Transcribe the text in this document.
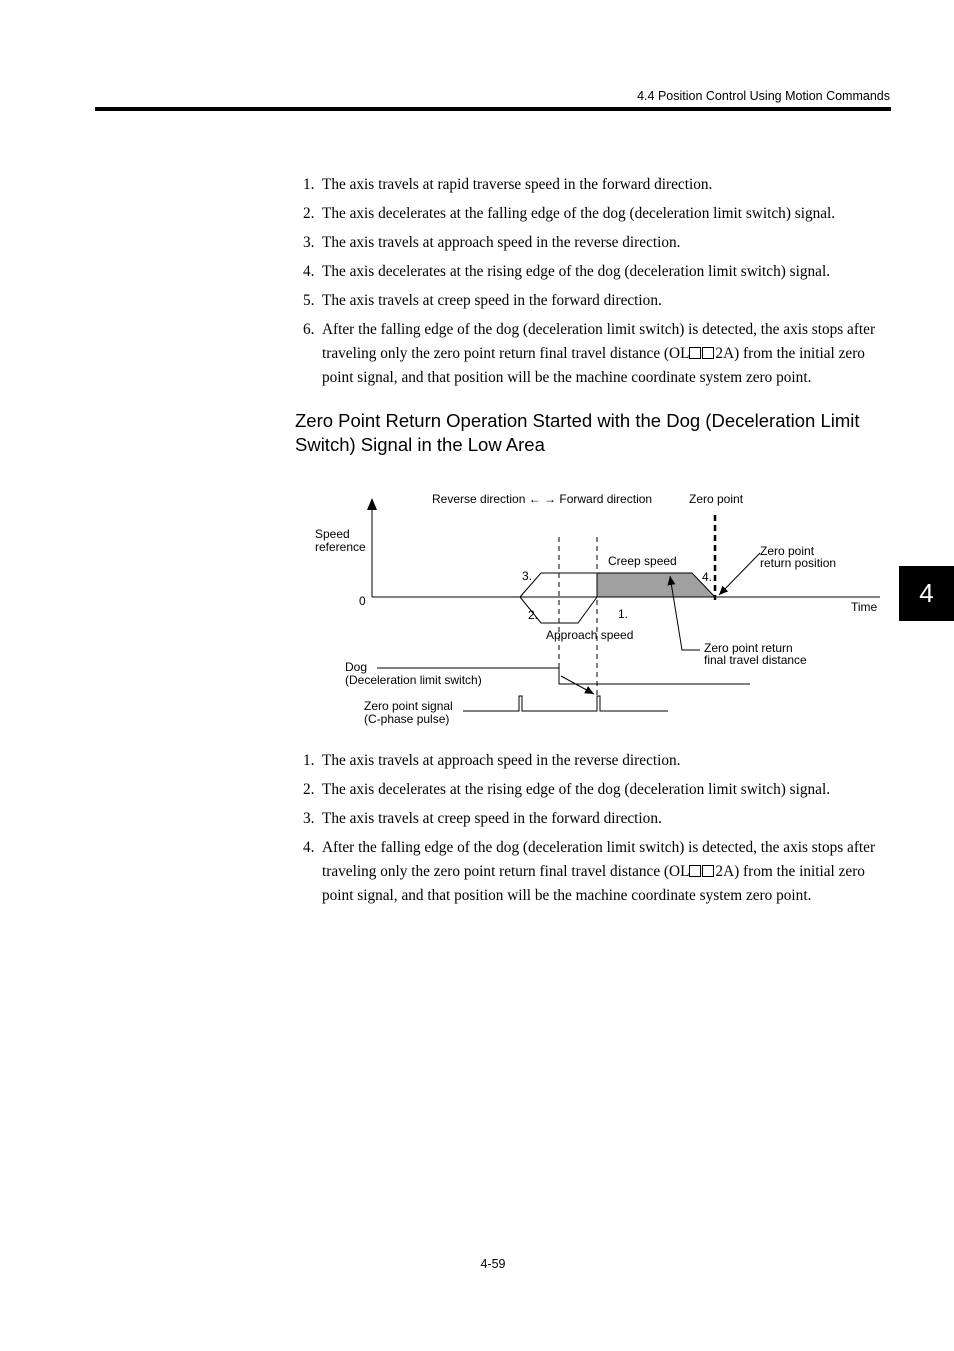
4.4 Position Control Using Motion Commands
4
1. The axis travels at rapid traverse speed in the forward direction.
2. The axis decelerates at the falling edge of the dog (deceleration limit switch) signal.
3. The axis travels at approach speed in the reverse direction.
4. The axis decelerates at the rising edge of the dog (deceleration limit switch) signal.
5. The axis travels at creep speed in the forward direction.
6. After the falling edge of the dog (deceleration limit switch) is detected, the axis stops after traveling only the zero point return final travel distance (OL 2A) from the initial zero point signal, and that position will be the machine coordinate system zero point.
Zero Point Return Operation Started with the Dog (Deceleration Limit Switch) Signal in the Low Area
Reverse direction ← → Forward direction	Zero point
Speed
reference
0	Time
Creep speed
Approach speed
Zero point
return position
Zero point return
final travel distance
Dog
(Deceleration limit switch)
Zero point signal
(C-phase pulse)
1.
2.
3.	4.
1. The axis travels at approach speed in the reverse direction.
2. The axis decelerates at the rising edge of the dog (deceleration limit switch) signal.
3. The axis travels at creep speed in the forward direction.
4. After the falling edge of the dog (deceleration limit switch) is detected, the axis stops after traveling only the zero point return final travel distance (OL 2A) from the initial zero point signal, and that position will be the machine coordinate system zero point.
4-59
